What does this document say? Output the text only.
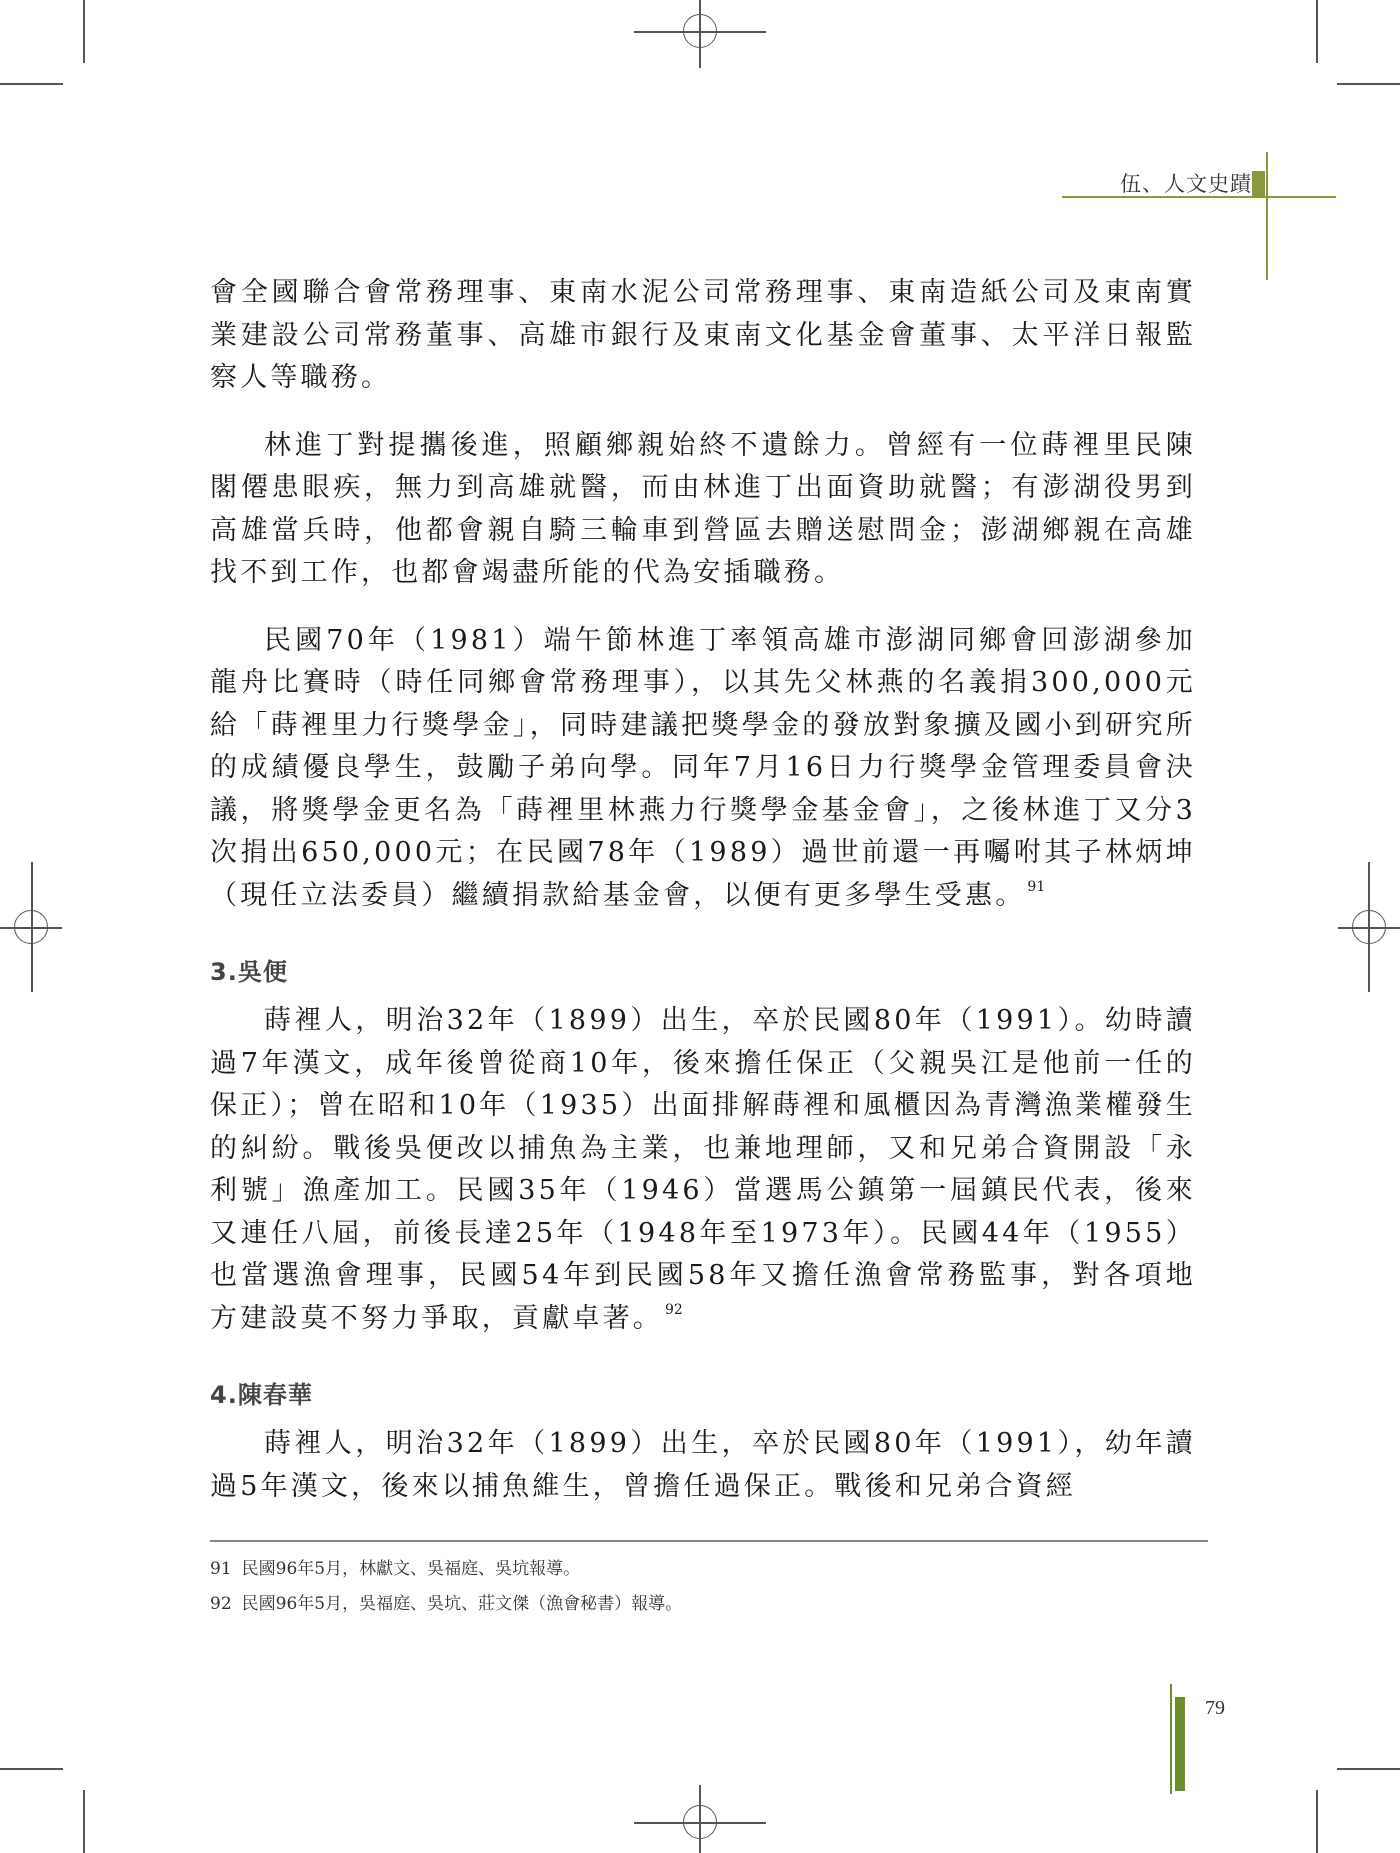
伍、人文史蹟

會全國聯合會常務理事、東南水泥公司常務理事、東南造紙公司及東南實業建設公司常務董事、高雄市銀行及東南文化基金會董事、太平洋日報監察人等職務。

林進丁對提攜後進，照顧鄉親始終不遺餘力。曾經有一位蒔裡里民陳閣僊患眼疾，無力到高雄就醫，而由林進丁出面資助就醫；有澎湖役男到高雄當兵時，他都會親自騎三輪車到營區去贈送慰問金；澎湖鄉親在高雄找不到工作，也都會竭盡所能的代為安插職務。

民國70年（1981）端午節林進丁率領高雄市澎湖同鄉會回澎湖參加龍舟比賽時（時任同鄉會常務理事），以其先父林燕的名義捐300,000元給「蒔裡里力行獎學金」，同時建議把獎學金的發放對象擴及國小到研究所的成績優良學生，鼓勵子弟向學。同年7月16日力行獎學金管理委員會決議，將獎學金更名為「蒔裡里林燕力行獎學金基金會」，之後林進丁又分3次捐出650,000元；在民國78年（1989）過世前還一再囑咐其子林炳坤（現任立法委員）繼續捐款給基金會，以便有更多學生受惠。 $^{91}$

3.吳便

蒔裡人，明治32年（1899）出生，卒於民國80年（1991）。幼時讀過7年漢文，成年後曾從商10年，後來擔任保正（父親吳江是他前一任的保正）；曾在昭和10年（1935）出面排解蒔裡和風櫃因為青灣漁業權發生的糾紛。戰後吳便改以捕魚為主業，也兼地理師，又和兄弟合資開設「永利號」漁產加工。民國35年（1946）當選馬公鎮第一屆鎮民代表，後來又連任八屆，前後長達25年（1948年至1973年）。民國44年（1955）也當選漁會理事，民國54年到民國58年又擔任漁會常務監事，對各項地方建設莫不努力爭取，貢獻卓著。 $^{92}$

4.陳春華

蒔裡人，明治32年（1899）出生，卒於民國80年（1991），幼年讀過5年漢文，後來以捕魚維生，曾擔任過保正。戰後和兄弟合資經

91 民國96年5月，林獻文、吳福庭、吳坑報導。
92 民國96年5月，吳福庭、吳坑、莊文傑（漁會秘書）報導。
79
